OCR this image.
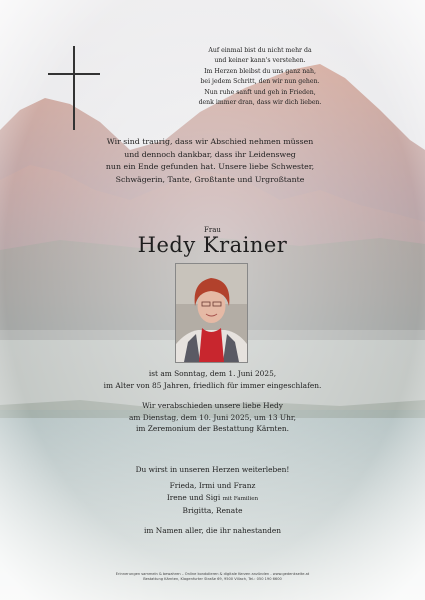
Auf einmal bist du nicht mehr da
und keiner kann's verstehen.
Im Herzen bleibst du uns ganz nah,
bei jedem Schritt, den wir nun gehen.
Nun ruhe sanft und geh in Frieden,
denk immer dran, dass wir dich lieben.
Wir sind traurig, dass wir Abschied nehmen müssen
und dennoch dankbar, dass ihr Leidensweg
nun ein Ende gefunden hat. Unsere liebe Schwester,
Schwägerin, Tante, Großtante und Urgroßtante
Frau
Hedy Krainer
ist am Sonntag, dem 1. Juni 2025,
im Alter von 85 Jahren, friedlich für immer eingeschlafen.
Wir verabschieden unsere liebe Hedy
am Dienstag, dem 10. Juni 2025, um 13 Uhr,
im Zeremonium der Bestattung Kärnten.
Du wirst in unseren Herzen weiterleben!
Frieda, Irmi und Franz
Irene und Sigi mit Familien
Brigitta, Renate
im Namen aller, die ihr nahestanden
Erinnerungen sammeln & bewahren – Online kondolieren & digitale Kerzen anzünden - www.gedenkseite.at
Bestattung Kärnten, Klagenfurter Straße 69, 9500 Villach, Tel.: 050 190 6600
